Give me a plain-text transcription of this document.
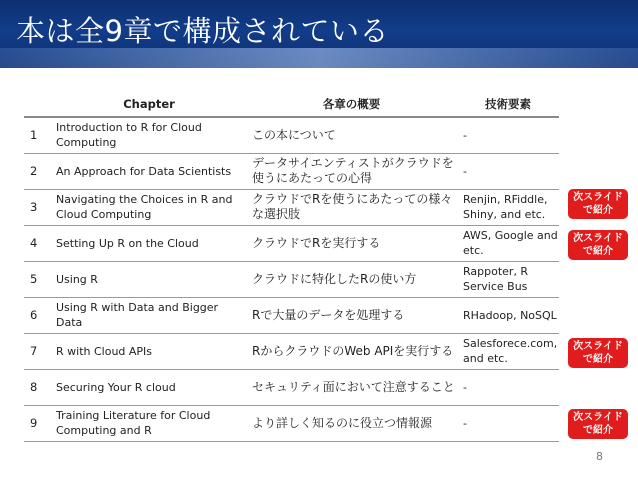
本は全9章で構成されている
	Chapter	各章の概要	技術要素
1	Introduction to R for Cloud Computing	この本について	-
2	An Approach for Data Scientists	データサイエンティストがクラウドを使うにあたっての心得	-
3	Navigating the Choices in R and Cloud Computing	クラウドでRを使うにあたっての様々な選択肢	Renjin, RFiddle, Shiny, and etc.
4	Setting Up R on the Cloud	クラウドでRを実行する	AWS, Google and etc.
5	Using R	クラウドに特化したRの使い方	Rappoter, R Service Bus
6	Using R with Data and Bigger Data	Rで大量のデータを処理する	RHadoop, NoSQL
7	R with Cloud APIs	RからクラウドのWeb APIを実行する	Salesforece.com, and etc.
8	Securing Your R cloud	セキュリティ面において注意すること	-
9	Training Literature for Cloud Computing and R	より詳しく知るのに役立つ情報源	-
次スライド
で紹介
次スライド
で紹介
次スライド
で紹介
次スライド
で紹介
8
